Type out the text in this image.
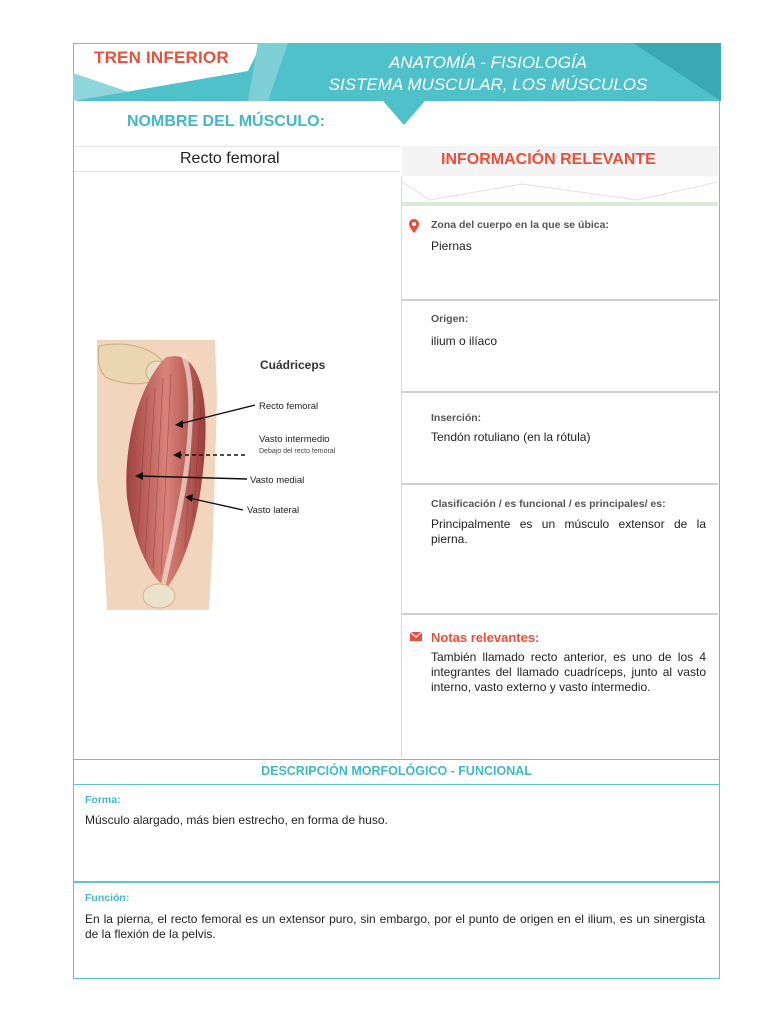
TREN INFERIOR	ANATOMÍA - FISIOLOGÍA
SISTEMA MUSCULAR, LOS MÚSCULOS
NOMBRE DEL MÚSCULO:
Recto femoral	INFORMACIÓN RELEVANTE
Zona del cuerpo en la que se úbica:
Piernas
Origen:
ilium o ilíaco
Inserción:
Tendón rotuliano (en la rótula)
Clasificación / es funcional / es principales/ es:
Principalmente es un músculo extensor de la pierna.
Notas relevantes:
También llamado recto anterior, es uno de los 4 integrantes del llamado cuadríceps, junto al vasto interno, vasto externo y vasto intermedio.
Cuádriceps
Recto femoral
Vasto intermedio
Debajo del recto femoral
Vasto medial
Vasto lateral
DESCRIPCIÓN MORFOLÓGICO - FUNCIONAL
Forma:
Músculo alargado, más bien estrecho, en forma de huso.
Función:
En la pierna, el recto femoral es un extensor puro, sin embargo, por el punto de origen en el ilium, es un sinergista de la flexión de la pelvis.
